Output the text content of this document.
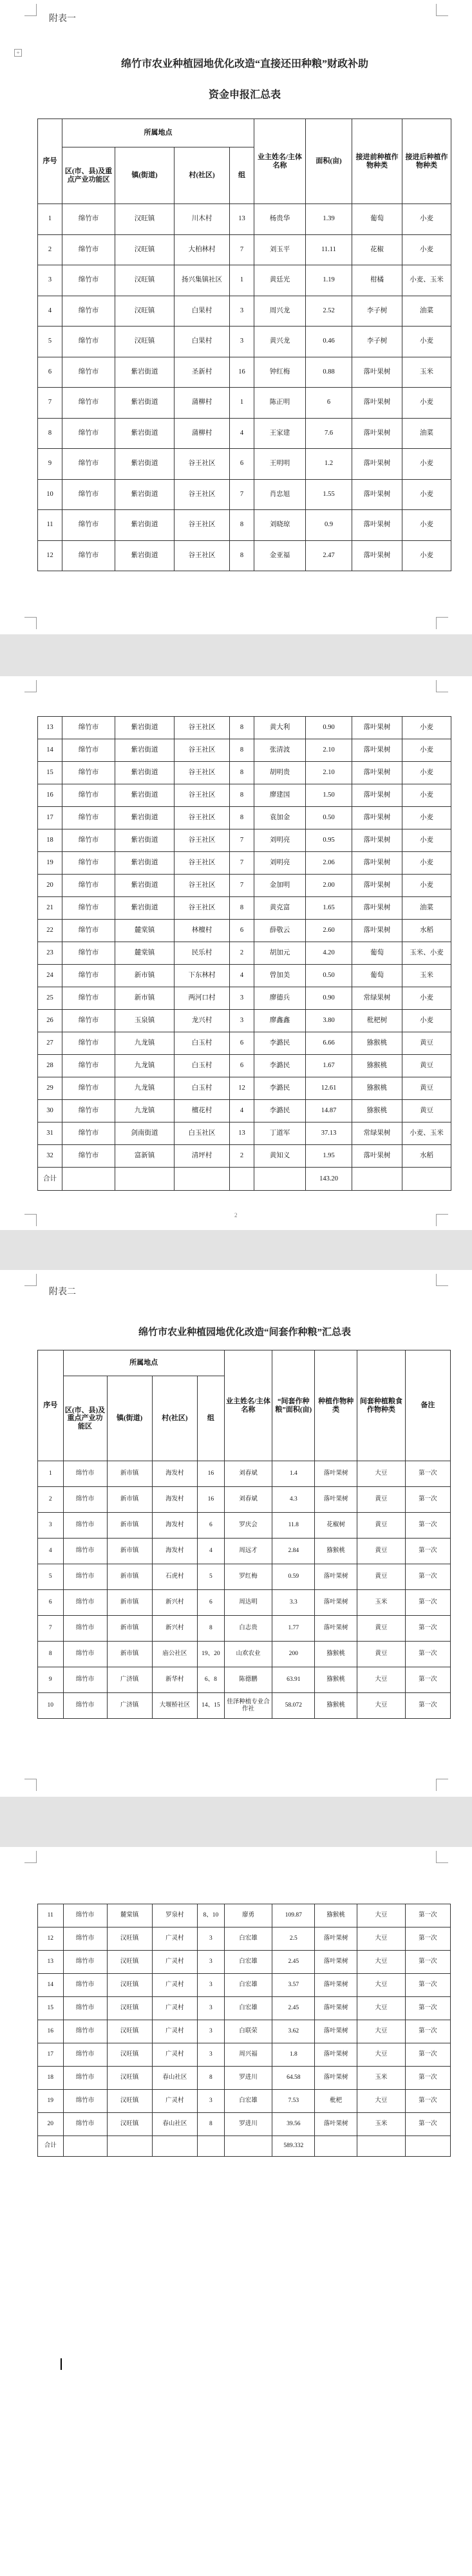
附表一
+
绵竹市农业种植园地优化改造“直接还田种粮”财政补助
资金申报汇总表
序号	所属地点				业主姓名/主体名称	面积(亩)	接进前种植作物种类	接进后种植作物种类
	区(市、县)及重点产业功能区	镇(街道)	村(社区)	组				
1	绵竹市	汉旺镇	川木村	13	杨贵华	1.39	葡萄	小麦
2	绵竹市	汉旺镇	大柏林村	7	刘玉平	11.11	花椒	小麦
3	绵竹市	汉旺镇	扬兴集镇社区	1	黄廷光	1.19	柑橘	小麦、玉米
4	绵竹市	汉旺镇	白果村	3	周兴龙	2.52	李子树	油菜
5	绵竹市	汉旺镇	白果村	3	黄兴龙	0.46	李子树	小麦
6	绵竹市	紫岩街道	圣新村	16	钟红梅	0.88	落叶果树	玉米
7	绵竹市	紫岩街道	蒲柳村	1	陈正明	6	落叶果树	小麦
8	绵竹市	紫岩街道	蒲柳村	4	王家建	7.6	落叶果树	油菜
9	绵竹市	紫岩街道	谷王社区	6	王明明	1.2	落叶果树	小麦
10	绵竹市	紫岩街道	谷王社区	7	肖忠旭	1.55	落叶果树	小麦
11	绵竹市	紫岩街道	谷王社区	8	刘晓琼	0.9	落叶果树	小麦
12	绵竹市	紫岩街道	谷王社区	8	金亚福	2.47	落叶果树	小麦
13	绵竹市	紫岩街道	谷王社区	8	黄大利	0.90	落叶果树	小麦
14	绵竹市	紫岩街道	谷王社区	8	张清波	2.10	落叶果树	小麦
15	绵竹市	紫岩街道	谷王社区	8	胡明贵	2.10	落叶果树	小麦
16	绵竹市	紫岩街道	谷王社区	8	廖建国	1.50	落叶果树	小麦
17	绵竹市	紫岩街道	谷王社区	8	袁加金	0.50	落叶果树	小麦
18	绵竹市	紫岩街道	谷王社区	7	刘明亮	0.95	落叶果树	小麦
19	绵竹市	紫岩街道	谷王社区	7	刘明亮	2.06	落叶果树	小麦
20	绵竹市	紫岩街道	谷王社区	7	金加明	2.00	落叶果树	小麦
21	绵竹市	紫岩街道	谷王社区	8	黄克富	1.65	落叶果树	油菜
22	绵竹市	麓棠镇	林檀村	6	薛敬云	2.60	落叶果树	水稻
23	绵竹市	麓棠镇	民乐村	2	胡加元	4.20	葡萄	玉米、小麦
24	绵竹市	新市镇	下东林村	4	曾加美	0.50	葡萄	玉米
25	绵竹市	新市镇	两河口村	3	廖德兵	0.90	常绿果树	小麦
26	绵竹市	玉泉镇	龙兴村	3	廖鑫鑫	3.80	枇杷树	小麦
27	绵竹市	九龙镇	白玉村	6	李潞民	6.66	猕猴桃	黄豆
28	绵竹市	九龙镇	白玉村	6	李潞民	1.67	猕猴桃	黄豆
29	绵竹市	九龙镇	白玉村	12	李潞民	12.61	猕猴桃	黄豆
30	绵竹市	九龙镇	檀花村	4	李潞民	14.87	猕猴桃	黄豆
31	绵竹市	剑南街道	白玉社区	13	丁道军	37.13	常绿果树	小麦、玉米
32	绵竹市	富新镇	清坪村	2	黄知义	1.95	落叶果树	水稻
合计						143.20		
2
附表二
绵竹市农业种植园地优化改造“间套作种粮”汇总表
序号	所属地点				业主姓名/主体名称	“间套作种粮”面积(亩)	种植作物种类	间套种植粮食作物种类	备注
	区(市、县)及重点产业功能区	镇(街道)	村(社区)	组					
1	绵竹市	新市镇	海发村	16	刘春斌	1.4	落叶果树	大豆	第一次
2	绵竹市	新市镇	海发村	16	刘春斌	4.3	落叶果树	黄豆	第一次
3	绵竹市	新市镇	海发村	6	罗庆会	11.8	花椒树	黄豆	第一次
4	绵竹市	新市镇	海发村	4	周远才	2.84	猕猴桃	黄豆	第一次
5	绵竹市	新市镇	石虎村	5	罗红梅	0.59	落叶果树	黄豆	第一次
6	绵竹市	新市镇	新兴村	6	周达明	3.3	落叶果树	玉米	第一次
7	绵竹市	新市镇	新兴村	8	白志贵	1.77	落叶果树	黄豆	第一次
8	绵竹市	新市镇	庙公社区	19、20	山欢农业	200	猕猴桃	黄豆	第一次
9	绵竹市	广济镇	新华村	6、8	陈德鹏	63.91	猕猴桃	大豆	第一次
10	绵竹市	广济镇	大堰桥社区	14、15	佳泽种植专业合作社	58.072	猕猴桃	大豆	第一次
11	绵竹市	麓棠镇	罗泉村	8、10	廖勇	109.87	猕猴桃	大豆	第一次
12	绵竹市	汉旺镇	广灵村	3	白宏雄	2.5	落叶果树	大豆	第一次
13	绵竹市	汉旺镇	广灵村	3	白宏雄	2.45	落叶果树	大豆	第一次
14	绵竹市	汉旺镇	广灵村	3	白宏雄	3.57	落叶果树	大豆	第一次
15	绵竹市	汉旺镇	广灵村	3	白宏雄	2.45	落叶果树	大豆	第一次
16	绵竹市	汉旺镇	广灵村	3	白联荣	3.62	落叶果树	大豆	第一次
17	绵竹市	汉旺镇	广灵村	3	周兴福	1.8	落叶果树	大豆	第一次
18	绵竹市	汉旺镇	春山社区	8	罗进川	64.58	落叶果树	玉米	第一次
19	绵竹市	汉旺镇	广灵村	3	白宏雄	7.53	枇杷	大豆	第一次
20	绵竹市	汉旺镇	春山社区	8	罗进川	39.56	落叶果树	玉米	第一次
合计						589.332			
